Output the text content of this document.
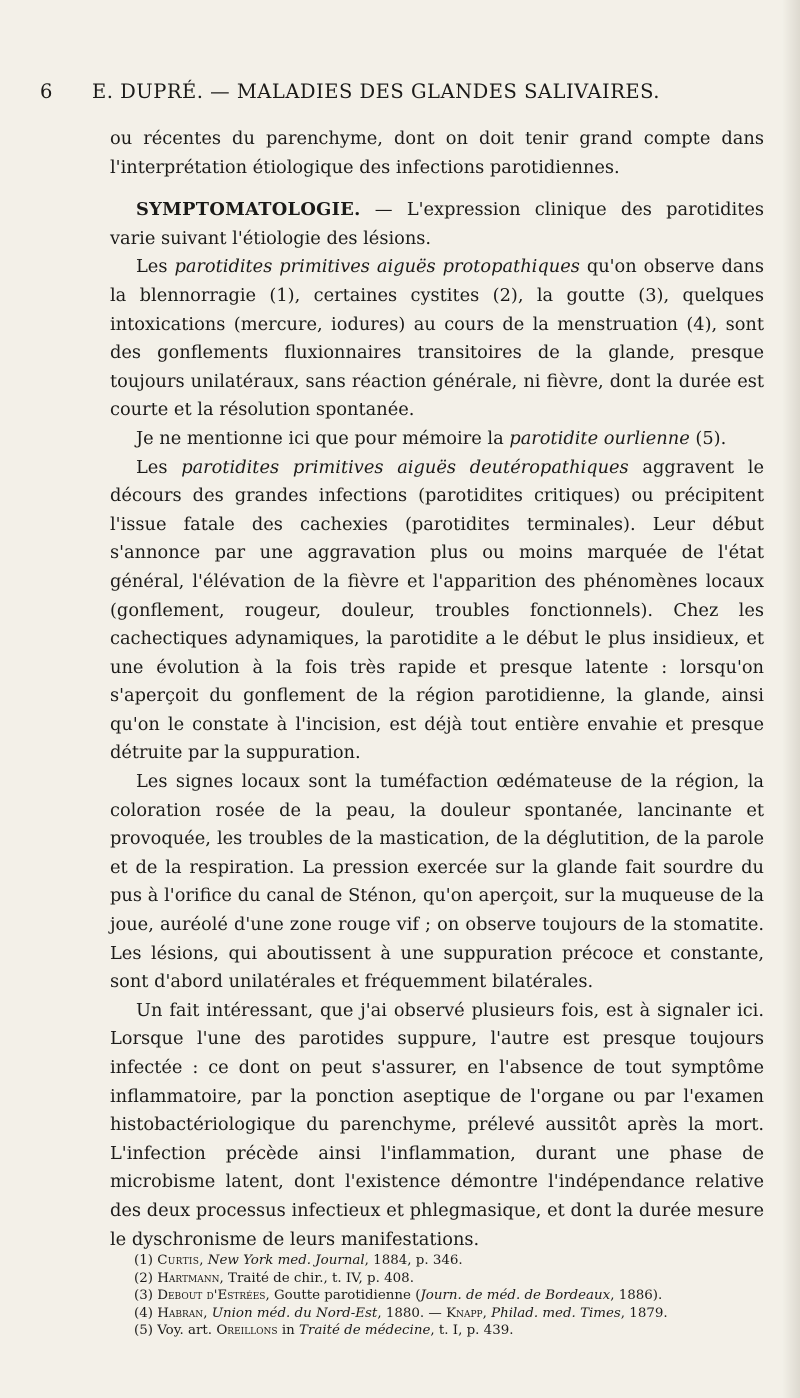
6 E. DUPRÉ. — MALADIES DES GLANDES SALIVAIRES.

ou récentes du parenchyme, dont on doit tenir grand compte dans l'interprétation étiologique des infections parotidiennes.

SYMPTOMATOLOGIE. — L'expression clinique des parotidites varie suivant l'étiologie des lésions.

Les parotidites primitives aiguës protopathiques qu'on observe dans la blennorragie (1), certaines cystites (2), la goutte (3), quelques intoxications (mercure, iodures) au cours de la menstruation (4), sont des gonflements fluxionnaires transitoires de la glande, presque toujours unilatéraux, sans réaction générale, ni fièvre, dont la durée est courte et la résolution spontanée.

Je ne mentionne ici que pour mémoire la parotidite ourlienne (5).

Les parotidites primitives aiguës deutéropathiques aggravent le décours des grandes infections (parotidites critiques) ou précipitent l'issue fatale des cachexies (parotidites terminales). Leur début s'annonce par une aggravation plus ou moins marquée de l'état général, l'élévation de la fièvre et l'apparition des phénomènes locaux (gonflement, rougeur, douleur, troubles fonctionnels). Chez les cachectiques adynamiques, la parotidite a le début le plus insidieux, et une évolution à la fois très rapide et presque latente : lorsqu'on s'aperçoit du gonflement de la région parotidienne, la glande, ainsi qu'on le constate à l'incision, est déjà tout entière envahie et presque détruite par la suppuration.

Les signes locaux sont la tuméfaction œdémateuse de la région, la coloration rosée de la peau, la douleur spontanée, lancinante et provoquée, les troubles de la mastication, de la déglutition, de la parole et de la respiration. La pression exercée sur la glande fait sourdre du pus à l'orifice du canal de Sténon, qu'on aperçoit, sur la muqueuse de la joue, auréolé d'une zone rouge vif ; on observe toujours de la stomatite. Les lésions, qui aboutissent à une suppuration précoce et constante, sont d'abord unilatérales et fréquemment bilatérales.

Un fait intéressant, que j'ai observé plusieurs fois, est à signaler ici. Lorsque l'une des parotides suppure, l'autre est presque toujours infectée : ce dont on peut s'assurer, en l'absence de tout symptôme inflammatoire, par la ponction aseptique de l'organe ou par l'examen histobactériologique du parenchyme, prélevé aussitôt après la mort. L'infection précède ainsi l'inflammation, durant une phase de microbisme latent, dont l'existence démontre l'indépendance relative des deux processus infectieux et phlegmasique, et dont la durée mesure le dyschronisme de leurs manifestations.

(1) Curtis, New York med. Journal, 1884, p. 346.

(2) Hartmann, Traité de chir., t. IV, p. 408.

(3) Debout d'Estrées, Goutte parotidienne (Journ. de méd. de Bordeaux, 1886).

(4) Habran, Union méd. du Nord-Est, 1880. — Knapp, Philad. med. Times, 1879.

(5) Voy. art. Oreillons in Traité de médecine, t. I, p. 439.
